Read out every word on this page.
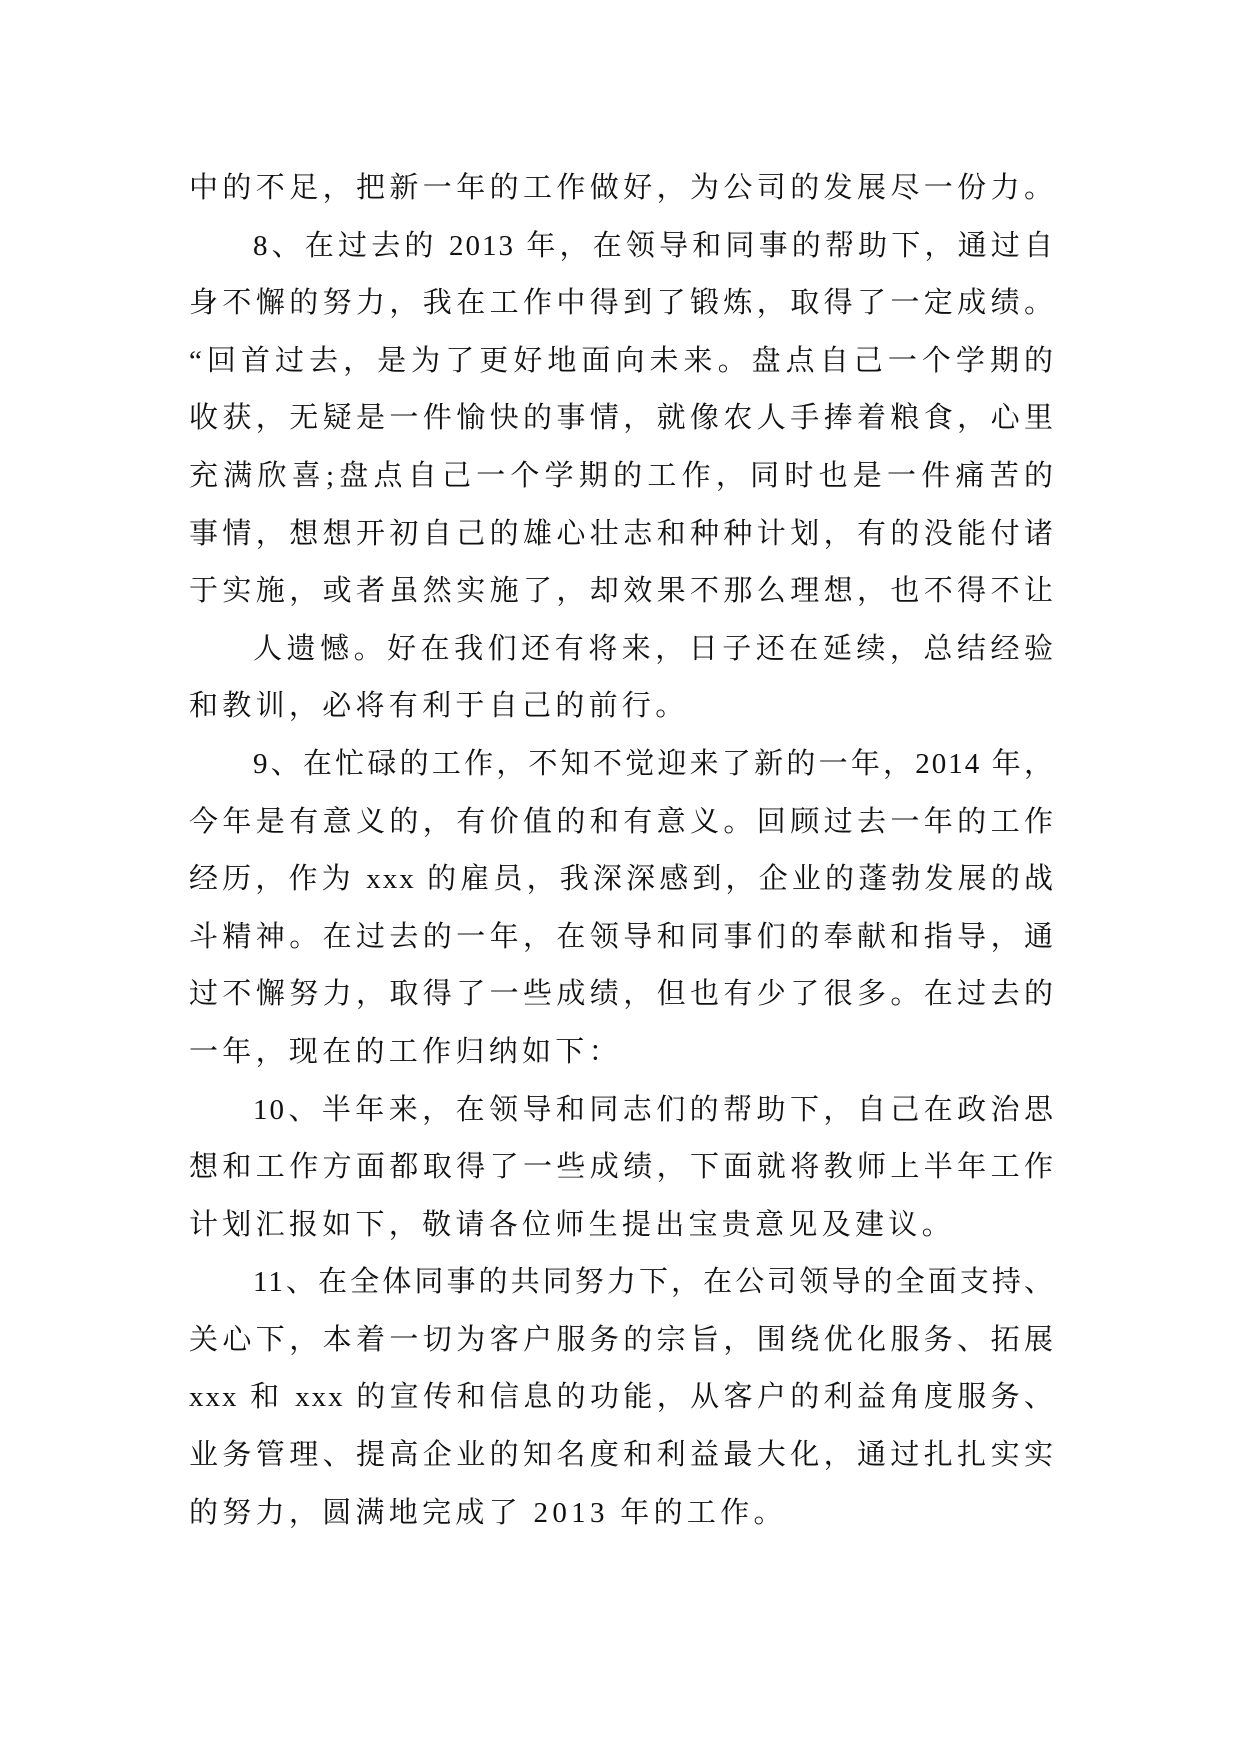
中的不足，把新一年的工作做好，为公司的发展尽一份力。
8、在过去的 2013 年，在领导和同事的帮助下，通过自
身不懈的努力，我在工作中得到了锻炼，取得了一定成绩。
“回首过去，是为了更好地面向未来。盘点自己一个学期的
收获，无疑是一件愉快的事情，就像农人手捧着粮食，心里
充满欣喜;盘点自己一个学期的工作，同时也是一件痛苦的
事情，想想开初自己的雄心壮志和种种计划，有的没能付诸
于实施，或者虽然实施了，却效果不那么理想，也不得不让
人遗憾。好在我们还有将来，日子还在延续，总结经验
和教训，必将有利于自己的前行。
9、在忙碌的工作，不知不觉迎来了新的一年，2014 年，
今年是有意义的，有价值的和有意义。回顾过去一年的工作
经历，作为 xxx 的雇员，我深深感到，企业的蓬勃发展的战
斗精神。在过去的一年，在领导和同事们的奉献和指导，通
过不懈努力，取得了一些成绩，但也有少了很多。在过去的
一年，现在的工作归纳如下：
10、半年来，在领导和同志们的帮助下，自己在政治思
想和工作方面都取得了一些成绩，下面就将教师上半年工作
计划汇报如下，敬请各位师生提出宝贵意见及建议。
11、在全体同事的共同努力下，在公司领导的全面支持、
关心下，本着一切为客户服务的宗旨，围绕优化服务、拓展
xxx 和 xxx 的宣传和信息的功能，从客户的利益角度服务、
业务管理、提高企业的知名度和利益最大化，通过扎扎实实
的努力，圆满地完成了 2013 年的工作。
